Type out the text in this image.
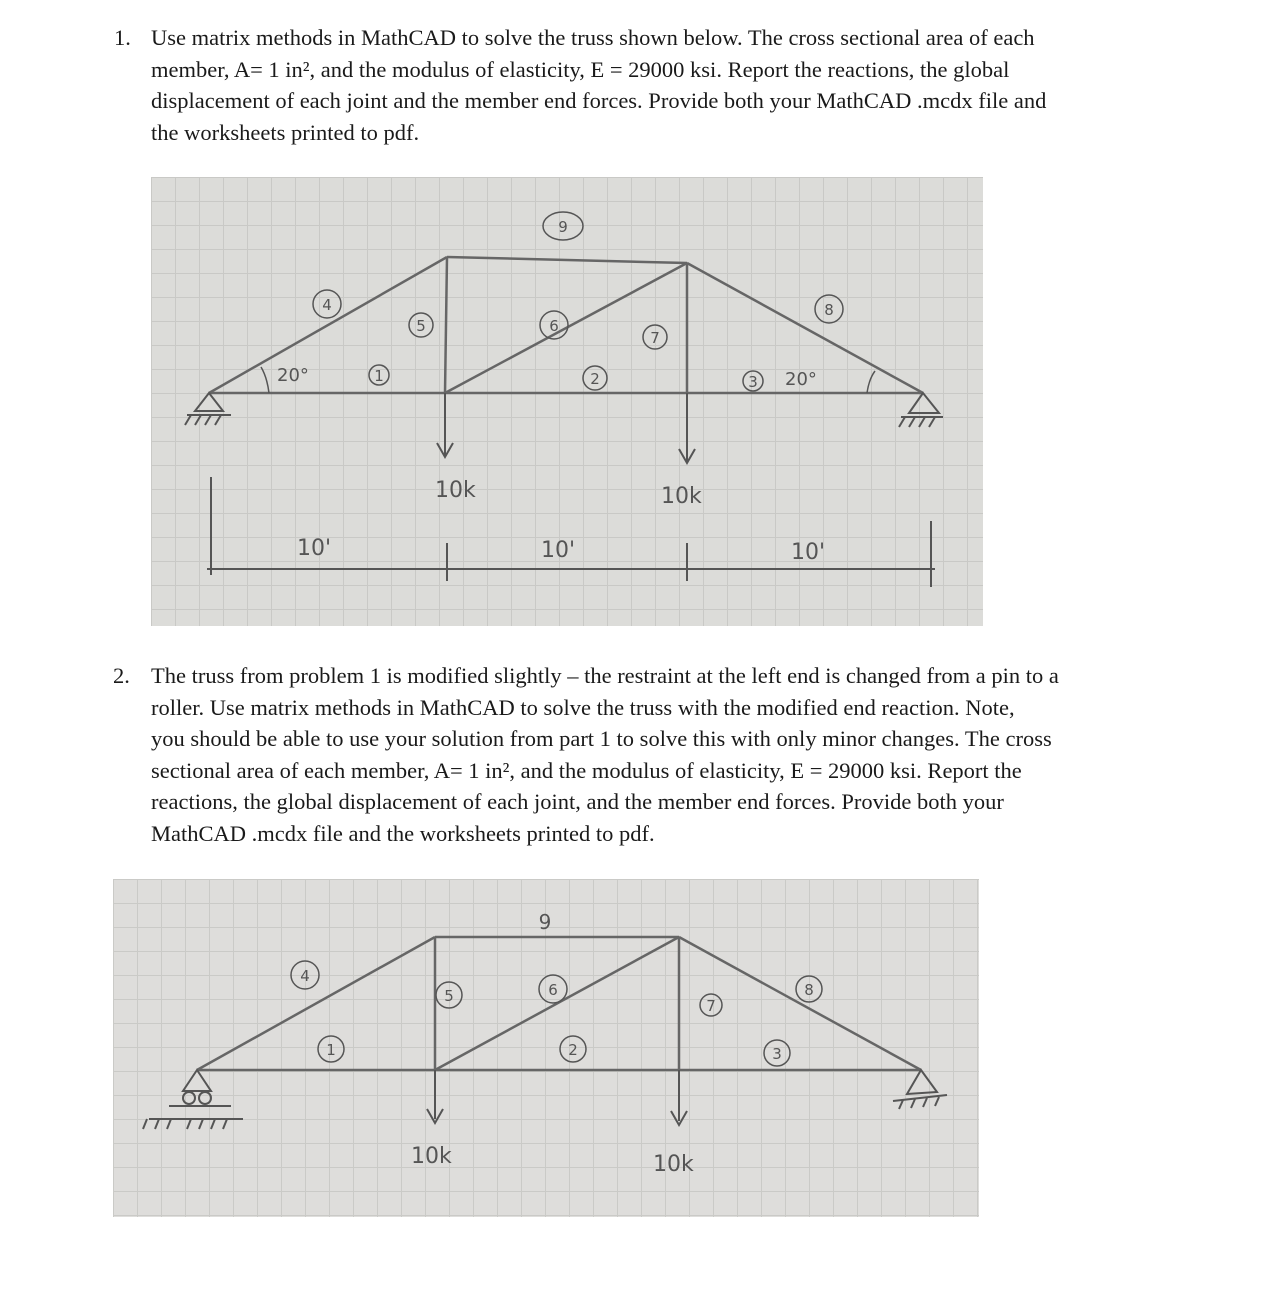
1. Use matrix methods in MathCAD to solve the truss shown below. The cross sectional area of each
member, A= 1 in², and the modulus of elasticity, E = 29000 ksi. Report the reactions, the global
displacement of each joint and the member end forces. Provide both your MathCAD .mcdx file and
the worksheets printed to pdf.
10k	10k
4
5	6
7
8
1	2	3
9
20°	20°
10'	10'	10'
2. The truss from problem 1 is modified slightly – the restraint at the left end is changed from a pin to a
roller. Use matrix methods in MathCAD to solve the truss with the modified end reaction. Note,
you should be able to use your solution from part 1 to solve this with only minor changes. The cross
sectional area of each member, A= 1 in², and the modulus of elasticity, E = 29000 ksi. Report the
reactions, the global displacement of each joint, and the member end forces. Provide both your
MathCAD .mcdx file and the worksheets printed to pdf.
10k	10k
4
5	6
7
8
1	2	3
9
